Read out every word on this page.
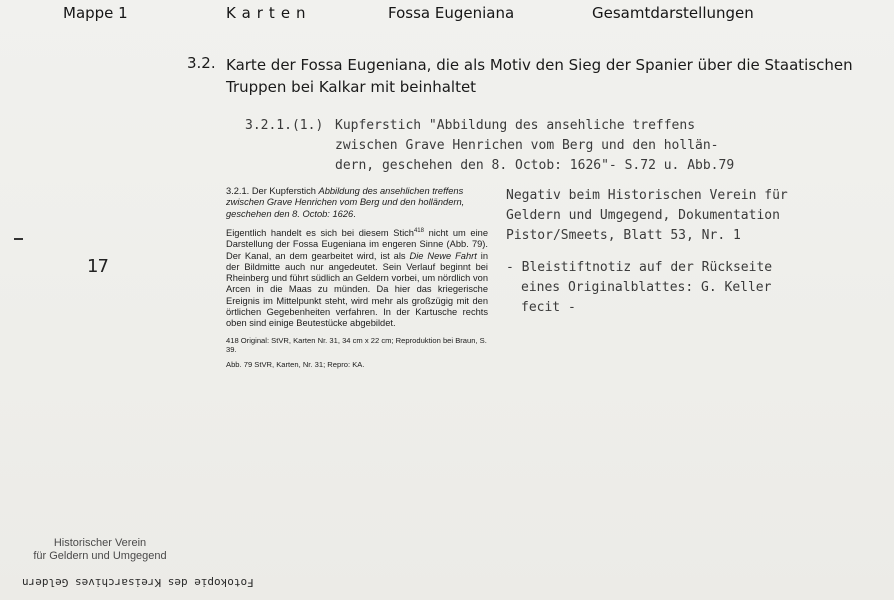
Mappe 1	Karten	Fossa Eugeniana	Gesamtdarstellungen
3.2. Karte der Fossa Eugeniana, die als Motiv den Sieg der Spanier über die Staatischen Truppen bei Kalkar mit beinhaltet
3.2.1.(1.) Kupferstich "Abbildung des ansehliche treffens
zwischen Grave Henrichen vom Berg und den hollän-
dern, geschehen den 8. Octob: 1626"- S.72 u. Abb.79

3.2.1. Der Kupferstich Abbildung des ansehlichen treffens zwischen Grave Henrichen vom Berg und den holländern, geschehen den 8. Octob: 1626.

Eigentlich handelt es sich bei diesem Stich$^{418}$ nicht um eine Darstellung der Fossa Eugeniana im engeren Sinne (Abb. 79). Der Kanal, an dem gearbeitet wird, ist als Die Newe Fahrt in der Bildmitte auch nur angedeutet. Sein Verlauf beginnt bei Rheinberg und führt südlich an Geldern vorbei, um nördlich von Arcen in die Maas zu münden. Da hier das kriegerische Ereignis im Mittelpunkt steht, wird mehr als großzügig mit den örtlichen Gegebenheiten verfahren. In der Kartusche rechts oben sind einige Beutestücke abgebildet.

418 Original: StVR, Karten Nr. 31, 34 cm x 22 cm; Reproduktion bei Braun, S. 39.

Abb. 79 StVR, Karten, Nr. 31; Repro: KA.

Negativ beim Historischen Verein für
Geldern und Umgegend, Dokumentation
Pistor/Smeets, Blatt 53, Nr. 1
- Bleistiftnotiz auf der Rückseite
eines Originalblattes: G. Keller
fecit -
17
Historischer Verein
für Geldern und Umgegend
Fotokopie des Kreisarchives Geldern
